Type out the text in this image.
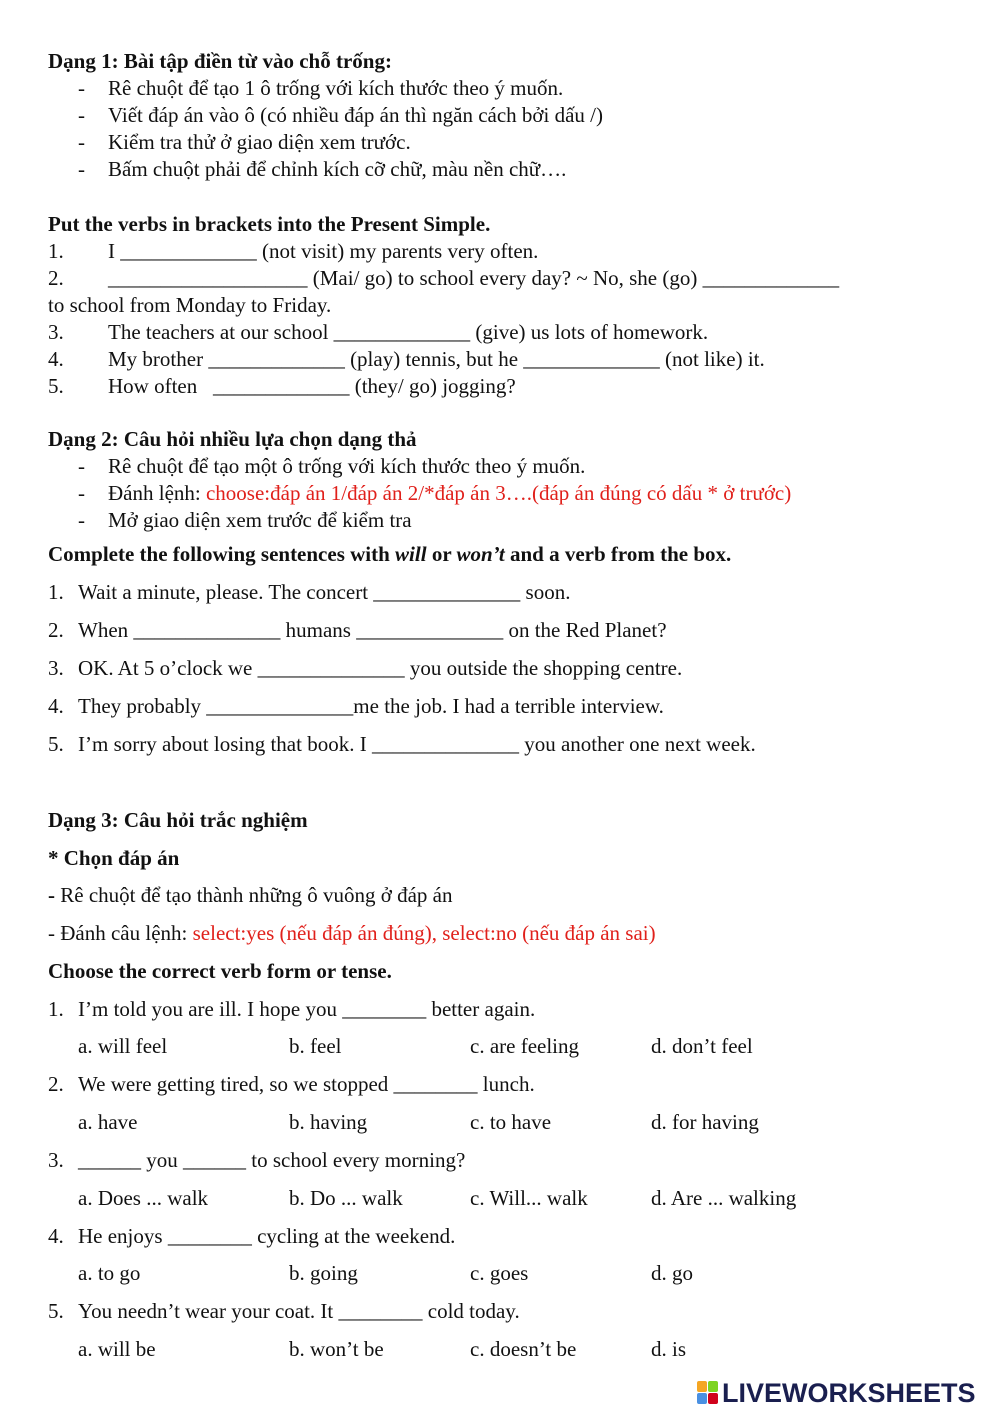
Dạng 1: Bài tập điền từ vào chỗ trống:
- Rê chuột để tạo 1 ô trống với kích thước theo ý muốn.
- Viết đáp án vào ô (có nhiều đáp án thì ngăn cách bởi dấu /)
- Kiểm tra thử ở giao diện xem trước.
- Bấm chuột phải để chỉnh kích cỡ chữ, màu nền chữ….
Put the verbs in brackets into the Present Simple.
1. I _____________ (not visit) my parents very often.
2. ___________________ (Mai/ go) to school every day? ~ No, she (go) _____________
to school from Monday to Friday.
3. The teachers at our school _____________ (give) us lots of homework.
4. My brother _____________ (play) tennis, but he _____________ (not like) it.
5. How often   _____________ (they/ go) jogging?
Dạng 2: Câu hỏi nhiều lựa chọn dạng thả
- Rê chuột để tạo một ô trống với kích thước theo ý muốn.
- Đánh lệnh: choose:đáp án 1/đáp án 2/*đáp án 3….(đáp án đúng có dấu * ở trước)
- Mở giao diện xem trước để kiểm tra
Complete the following sentences with will or won’t and a verb from the box.
1. Wait a minute, please. The concert ______________ soon.
2. When ______________ humans ______________ on the Red Planet?
3. OK. At 5 o’clock we ______________ you outside the shopping centre.
4. They probably ______________me the job. I had a terrible interview.
5. I’m sorry about losing that book. I ______________ you another one next week.
Dạng 3: Câu hỏi trắc nghiệm
* Chọn đáp án
- Rê chuột để tạo thành những ô vuông ở đáp án
- Đánh câu lệnh: select:yes (nếu đáp án đúng), select:no (nếu đáp án sai)
Choose the correct verb form or tense.
1. I’m told you are ill. I hope you ________ better again.
a. will feel	b. feel	c. are feeling	d. don’t feel
2. We were getting tired, so we stopped ________ lunch.
a. have	b. having	c. to have	d. for having
3. ______ you ______ to school every morning?
a. Does ... walk	b. Do ... walk	c. Will... walk	d. Are ... walking
4. He enjoys ________ cycling at the weekend.
a. to go	b. going	c. goes	d. go
5. You needn’t wear your coat. It ________ cold today.
a. will be	b. won’t be	c. doesn’t be	d. is
LIVEWORKSHEETS
